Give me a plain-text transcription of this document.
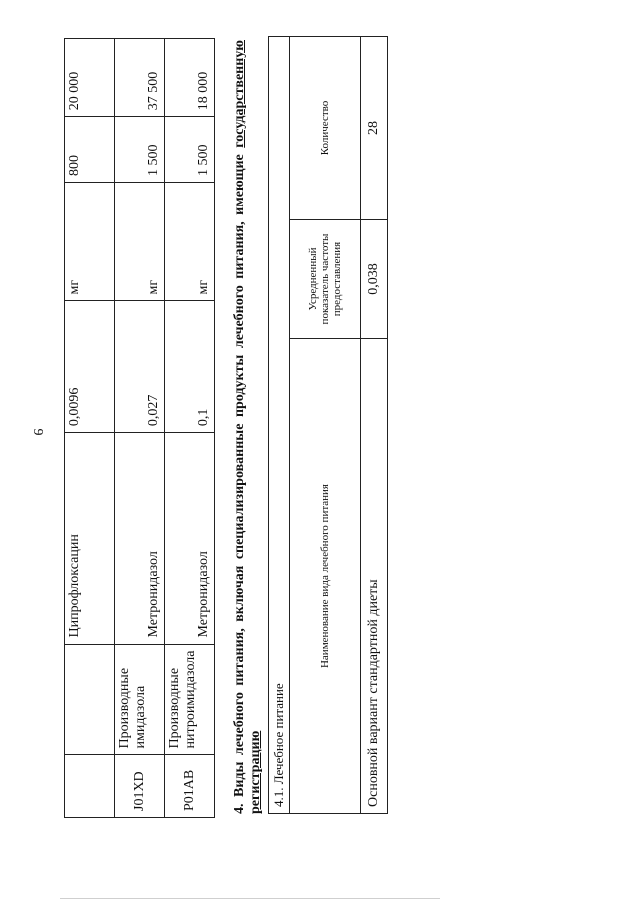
9
		Ципрофлоксацин	0,0096	мг	800	20 000
J01XD	Производные имидазола	Метронидазол	0,027	мг	1 500	37 500
P01AB	Производные нитроимидазола	Метронидазол	0,1	мг	1 500	18 000
4. Виды лечебного питания, включая специализированные продукты лечебного питания, имеющие государственную регистрацию 4.1. Лечебное питание		
Наименование вида лечебного питания	Усредненный показатель частоты предоставления	Количество
Основной вариант стандартной диеты	0,038	28
